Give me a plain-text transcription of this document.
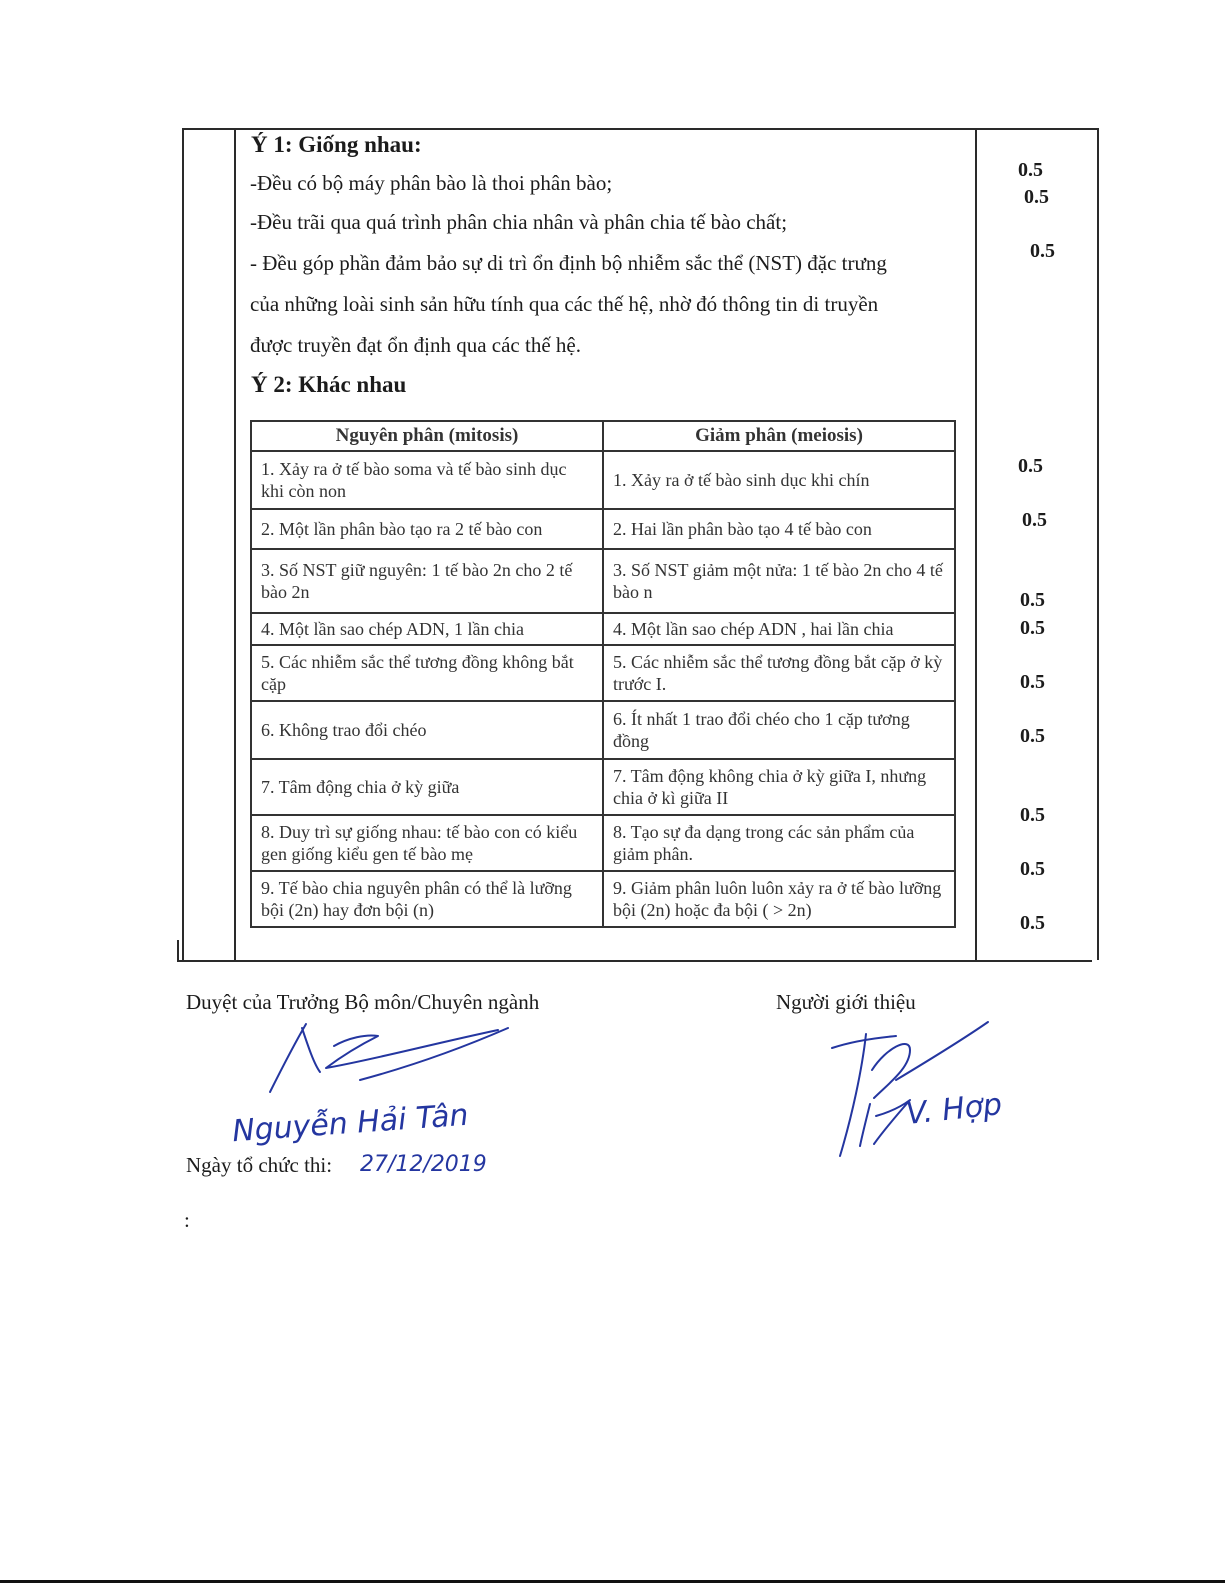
Ý 1: Giống nhau:
-Đều có bộ máy phân bào là thoi phân bào;
-Đều trãi qua quá trình phân chia nhân và phân chia tế bào chất;
- Đều góp phần đảm bảo sự di trì ổn định bộ nhiễm sắc thể (NST) đặc trưng
của những loài sinh sản hữu tính qua các thế hệ, nhờ đó thông tin di truyền
được truyền đạt ổn định qua các thế hệ.
Ý 2: Khác nhau
Nguyên phân (mitosis)	Giảm phân (meiosis)
1. Xảy ra ở tế bào soma và tế bào sinh dục khi còn non	1. Xảy ra ở tế bào sinh dục khi chín
2. Một lần phân bào tạo ra 2 tế bào con	2. Hai lần phân bào tạo 4 tế bào con
3. Số NST giữ nguyên: 1 tế bào 2n cho 2 tế bào 2n	3. Số NST giảm một nửa: 1 tế bào 2n cho 4 tế bào n
4. Một lần sao chép ADN, 1 lần chia	4. Một lần sao chép ADN , hai lần chia
5. Các nhiễm sắc thể tương đồng không bắt cặp	5. Các nhiễm sắc thể tương đồng bắt cặp ở kỳ trước I.
6. Không trao đổi chéo	6. Ít nhất 1 trao đổi chéo cho 1 cặp tương đồng
7. Tâm động chia ở kỳ giữa	7. Tâm động không chia ở kỳ giữa I, nhưng chia ở kì giữa II
8. Duy trì sự giống nhau: tế bào con có kiểu gen giống kiểu gen tế bào mẹ	8. Tạo sự đa dạng trong các sản phẩm của giảm phân.
9. Tế bào chia nguyên phân có thể là lưỡng bội (2n) hay đơn bội (n)	9. Giảm phân luôn luôn xảy ra ở tế bào lưỡng bội (2n) hoặc đa bội ( > 2n)
0.5
0.5
0.5
0.5
0.5
0.5
0.5
0.5
0.5
0.5
0.5
0.5
Duyệt của Trưởng Bộ môn/Chuyên ngành	Người giới thiệu
Nguyễn Hải Tân
Ngày tổ chức thi: 27/12/2019
V. Hợp
:
